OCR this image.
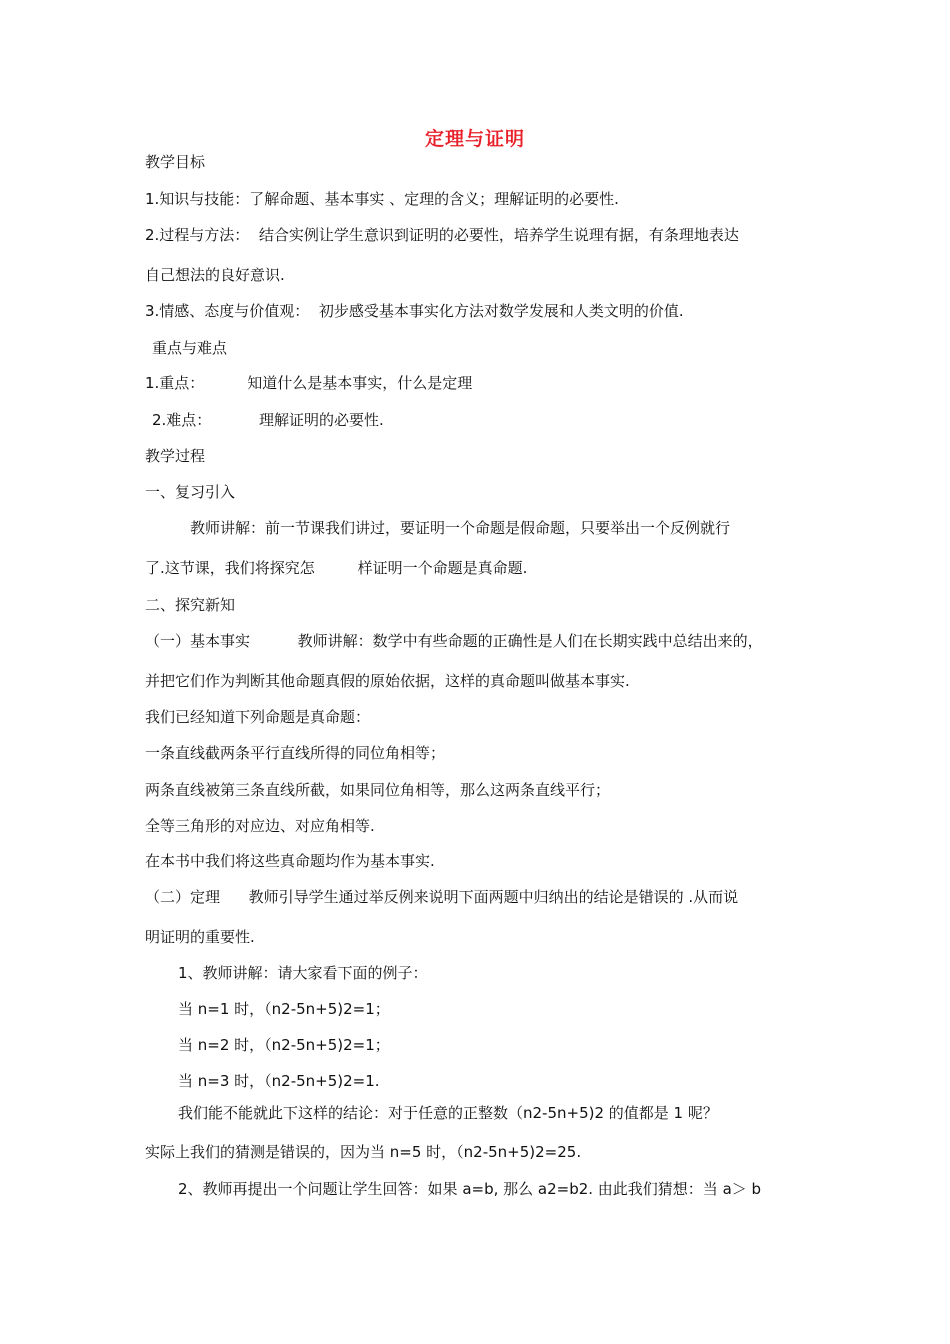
定理与证明
教学目标
1.知识与技能：了解命题、基本事实 、定理的含义；理解证明的必要性.
2.过程与方法：  结合实例让学生意识到证明的必要性，培养学生说理有据，有条理地表达
自己想法的良好意识.
3.情感、态度与价值观：  初步感受基本事实化方法对数学发展和人类文明的价值.
重点与难点
1.重点：         知道什么是基本事实，什么是定理
2.难点：          理解证明的必要性.
教学过程
一、复习引入
教师讲解：前一节课我们讲过，要证明一个命题是假命题，只要举出一个反例就行
了.这节课，我们将探究怎         样证明一个命题是真命题.
二、探究新知
（一）基本事实          教师讲解：数学中有些命题的正确性是人们在长期实践中总结出来的，
并把它们作为判断其他命题真假的原始依据，这样的真命题叫做基本事实.
我们已经知道下列命题是真命题：
一条直线截两条平行直线所得的同位角相等；
两条直线被第三条直线所截，如果同位角相等，那么这两条直线平行；
全等三角形的对应边、对应角相等.
在本书中我们将这些真命题均作为基本事实.
（二）定理      教师引导学生通过举反例来说明下面两题中归纳出的结论是错误的 .从而说
明证明的重要性.
1、教师讲解：请大家看下面的例子：
当 n=1 时，（n2-5n+5)2=1；
当 n=2 时，（n2-5n+5)2=1；
当 n=3 时，（n2-5n+5)2=1.
我们能不能就此下这样的结论：对于任意的正整数（n2-5n+5)2 的值都是 1 呢？
实际上我们的猜测是错误的，因为当 n=5 时，（n2-5n+5)2=25.
2、教师再提出一个问题让学生回答：如果 a=b, 那么 a2=b2. 由此我们猜想：当 a＞ b
